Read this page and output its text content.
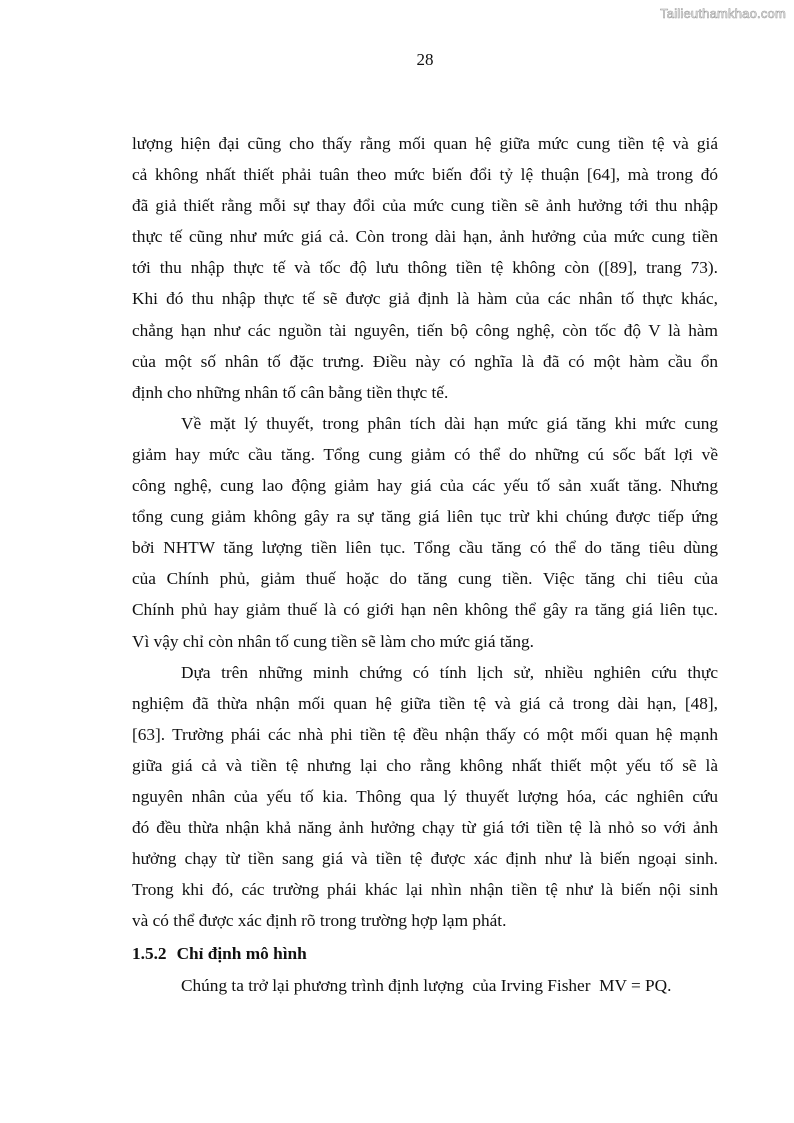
Tailieuthamkhao.com
28

lượng hiện đại cũng cho thấy rằng mối quan hệ giữa mức cung tiền tệ và giá
cả không nhất thiết phải tuân theo mức biến đổi tỷ lệ thuận [64], mà trong đó
đã giả thiết rằng mỗi sự thay đổi của mức cung tiền sẽ ảnh hưởng tới thu nhập
thực tế cũng như mức giá cả. Còn trong dài hạn, ảnh hưởng của mức cung tiền
tới thu nhập thực tế và tốc độ lưu thông tiền tệ không còn ([89], trang 73).
Khi đó thu nhập thực tế sẽ được giả định là hàm của các nhân tố thực khác,
chẳng hạn như các nguồn tài nguyên, tiến bộ công nghệ, còn tốc độ V là hàm
của một số nhân tố đặc trưng. Điều này có nghĩa là đã có một hàm cầu ổn
định cho những nhân tố cân bằng tiền thực tế.

Về mặt lý thuyết, trong phân tích dài hạn mức giá tăng khi mức cung
giảm hay mức cầu tăng. Tổng cung giảm có thể do những cú sốc bất lợi về
công nghệ, cung lao động giảm hay giá của các yếu tố sản xuất tăng. Nhưng
tổng cung giảm không gây ra sự tăng giá liên tục trừ khi chúng được tiếp ứng
bởi NHTW tăng lượng tiền liên tục. Tổng cầu tăng có thể do tăng tiêu dùng
của Chính phủ, giảm thuế hoặc do tăng cung tiền. Việc tăng chi tiêu của
Chính phủ hay giảm thuế là có giới hạn nên không thể gây ra tăng giá liên tục.
Vì vậy chỉ còn nhân tố cung tiền sẽ làm cho mức giá tăng.

Dựa trên những minh chứng có tính lịch sử, nhiều nghiên cứu thực
nghiệm đã thừa nhận mối quan hệ giữa tiền tệ và giá cả trong dài hạn, [48],
[63]. Trường phái các nhà phi tiền tệ đều nhận thấy có một mối quan hệ mạnh
giữa giá cả và tiền tệ nhưng lại cho rằng không nhất thiết một yếu tố sẽ là
nguyên nhân của yếu tố kia. Thông qua lý thuyết lượng hóa, các nghiên cứu
đó đều thừa nhận khả năng ảnh hưởng chạy từ giá tới tiền tệ là nhỏ so với ảnh
hưởng chạy từ tiền sang giá và tiền tệ được xác định như là biến ngoại sinh.
Trong khi đó, các trường phái khác lại nhìn nhận tiền tệ như là biến nội sinh
và có thể được xác định rõ trong trường hợp lạm phát.

1.5.2 Chỉ định mô hình

Chúng ta trở lại phương trình định lượng  của Irving Fisher  MV = PQ.
